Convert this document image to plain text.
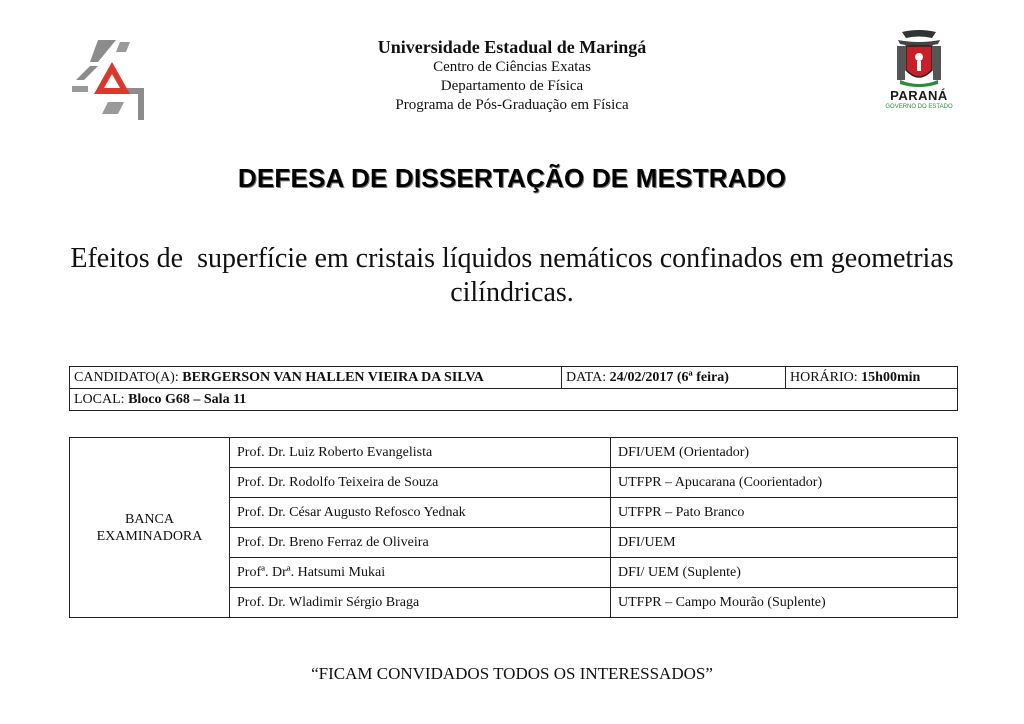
Universidade Estadual de Maringá
Centro de Ciências Exatas
Departamento de Física
Programa de Pós-Graduação em Física
PARANÁ
GOVERNO DO ESTADO
DEFESA DE DISSERTAÇÃO DE MESTRADO
Efeitos de  superfície em cristais líquidos nemáticos confinados em geometrias cilíndricas.
CANDIDATO(A): BERGERSON VAN HALLEN VIEIRA DA SILVA	DATA: 24/02/2017 (6ª feira)	HORÁRIO: 15h00min
LOCAL: Bloco G68 – Sala 11
BANCA
EXAMINADORA	Prof. Dr. Luiz Roberto Evangelista	DFI/UEM (Orientador)
	Prof. Dr. Rodolfo Teixeira de Souza	UTFPR – Apucarana (Coorientador)
	Prof. Dr. César Augusto Refosco Yednak	UTFPR – Pato Branco
	Prof. Dr. Breno Ferraz de Oliveira	DFI/UEM
	Profª. Drª. Hatsumi Mukai	DFI/ UEM (Suplente)
	Prof. Dr. Wladimir Sérgio Braga	UTFPR – Campo Mourão (Suplente)
“FICAM CONVIDADOS TODOS OS INTERESSADOS”
